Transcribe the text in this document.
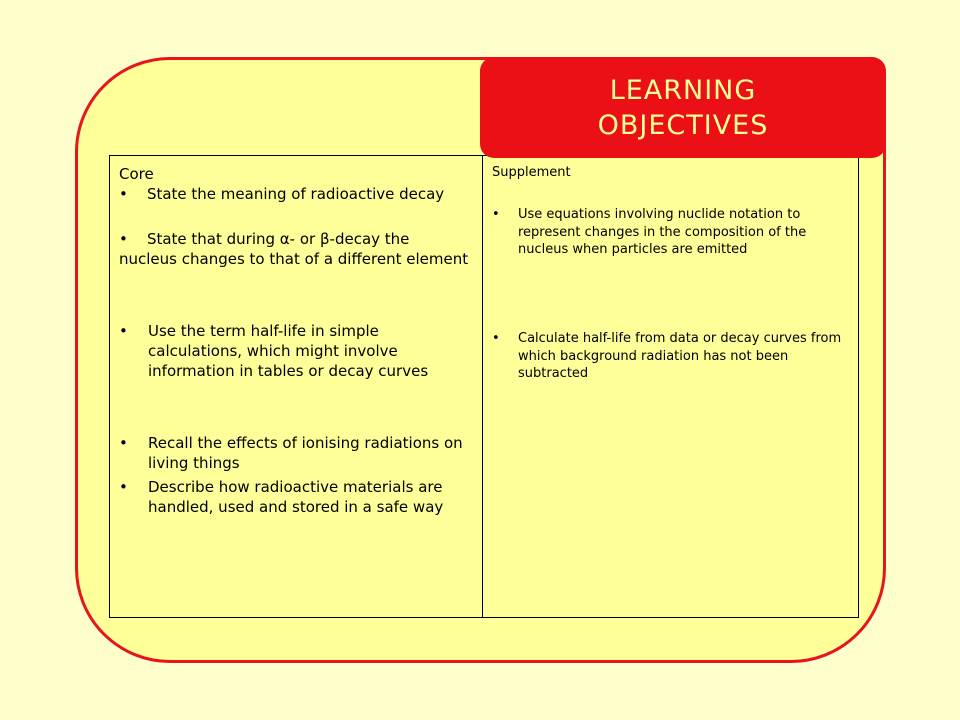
Core
• State the meaning of radioactive decay
• State that during α- or β-decay the nucleus changes to that of a different element
• Use the term half-life in simple calculations, which might involve information in tables or decay curves
• Recall the effects of ionising radiations on living things
• Describe how radioactive materials are handled, used and stored in a safe way
Supplement
• Use equations involving nuclide notation to represent changes in the composition of the nucleus when particles are emitted
• Calculate half-life from data or decay curves from which background radiation has not been subtracted
LEARNING
OBJECTIVES
